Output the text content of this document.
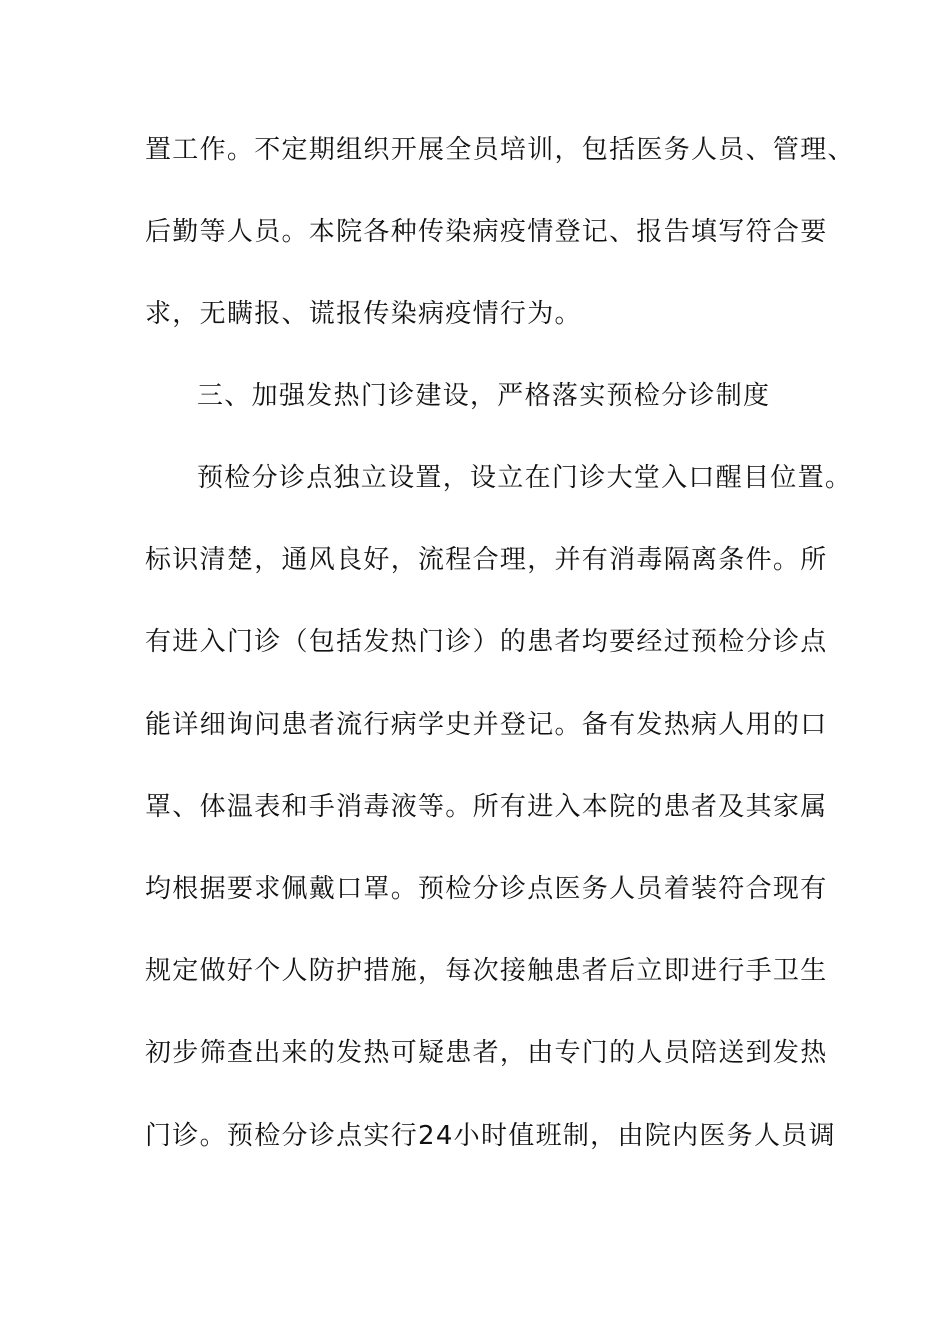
置工作。不定期组织开展全员培训，包括医务人员、管理、
后勤等人员。本院各种传染病疫情登记、报告填写符合要
求，无瞒报、谎报传染病疫情行为。
三、加强发热门诊建设，严格落实预检分诊制度
预检分诊点独立设置，设立在门诊大堂入口醒目位置。
标识清楚，通风良好，流程合理，并有消毒隔离条件。所
有进入门诊（包括发热门诊）的患者均要经过预检分诊点
能详细询问患者流行病学史并登记。备有发热病人用的口
罩、体温表和手消毒液等。所有进入本院的患者及其家属
均根据要求佩戴口罩。预检分诊点医务人员着装符合现有
规定做好个人防护措施，每次接触患者后立即进行手卫生
初步筛查出来的发热可疑患者，由专门的人员陪送到发热
门诊。预检分诊点实行24小时值班制，由院内医务人员调
